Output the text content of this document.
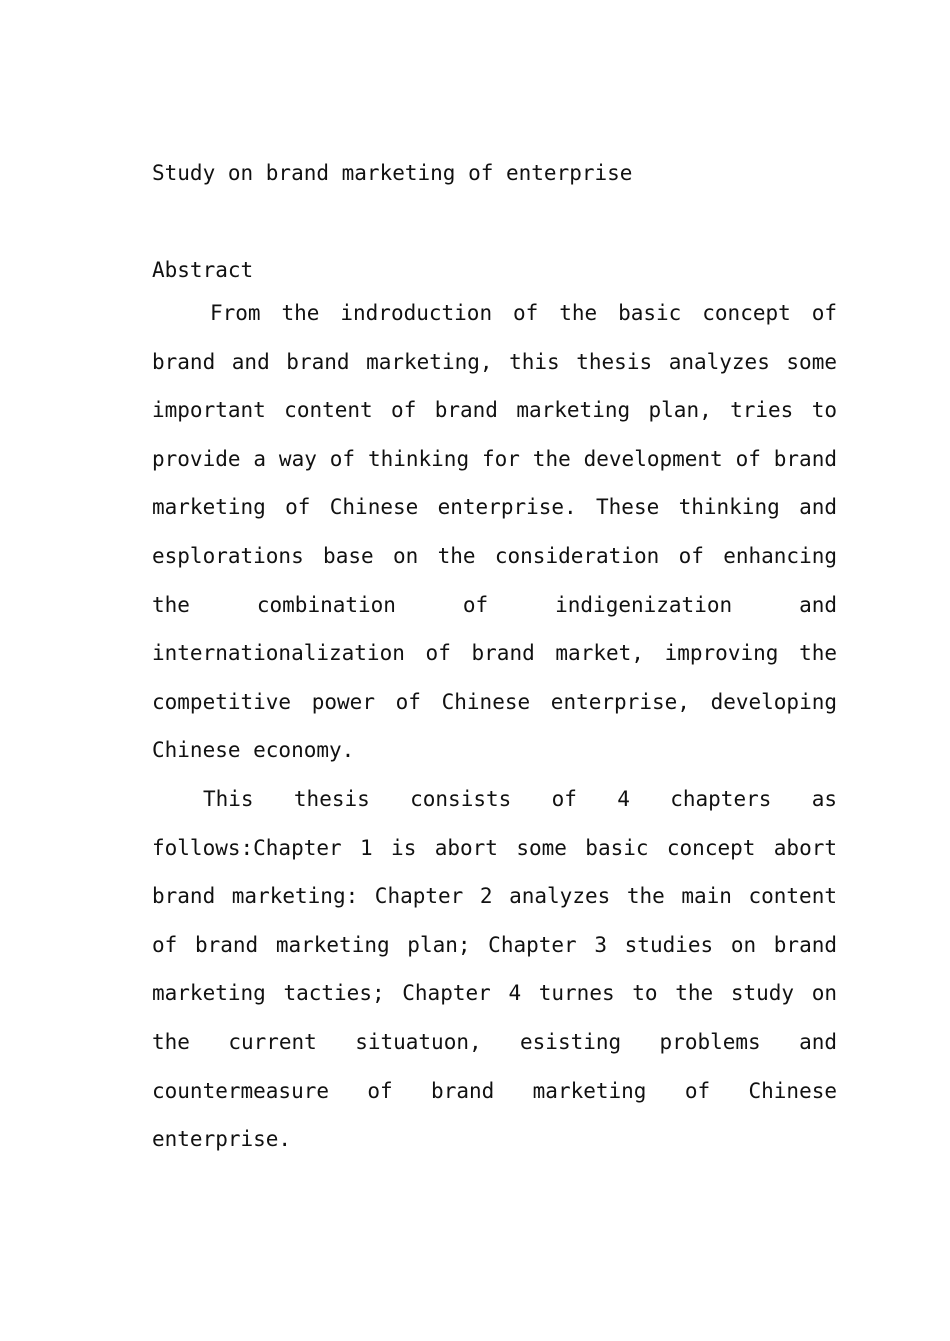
Study on brand marketing of enterprise
Abstract

From the indroduction of the basic concept of brand and brand marketing, this thesis analyzes some important content of brand marketing plan, tries to provide a way of thinking for the development of brand marketing of Chinese enterprise. These thinking and esplorations base on the consideration of enhancing the combination of indigenization and internationalization of brand market, improving the competitive power of Chinese enterprise, developing Chinese economy.

This thesis consists of 4 chapters as follows:Chapter 1 is abort some basic concept abort brand marketing: Chapter 2 analyzes the main content of brand marketing plan; Chapter 3 studies on brand marketing tacties; Chapter 4 turnes to the study on the current situatuon, esisting problems and countermeasure of brand marketing of Chinese enterprise.
